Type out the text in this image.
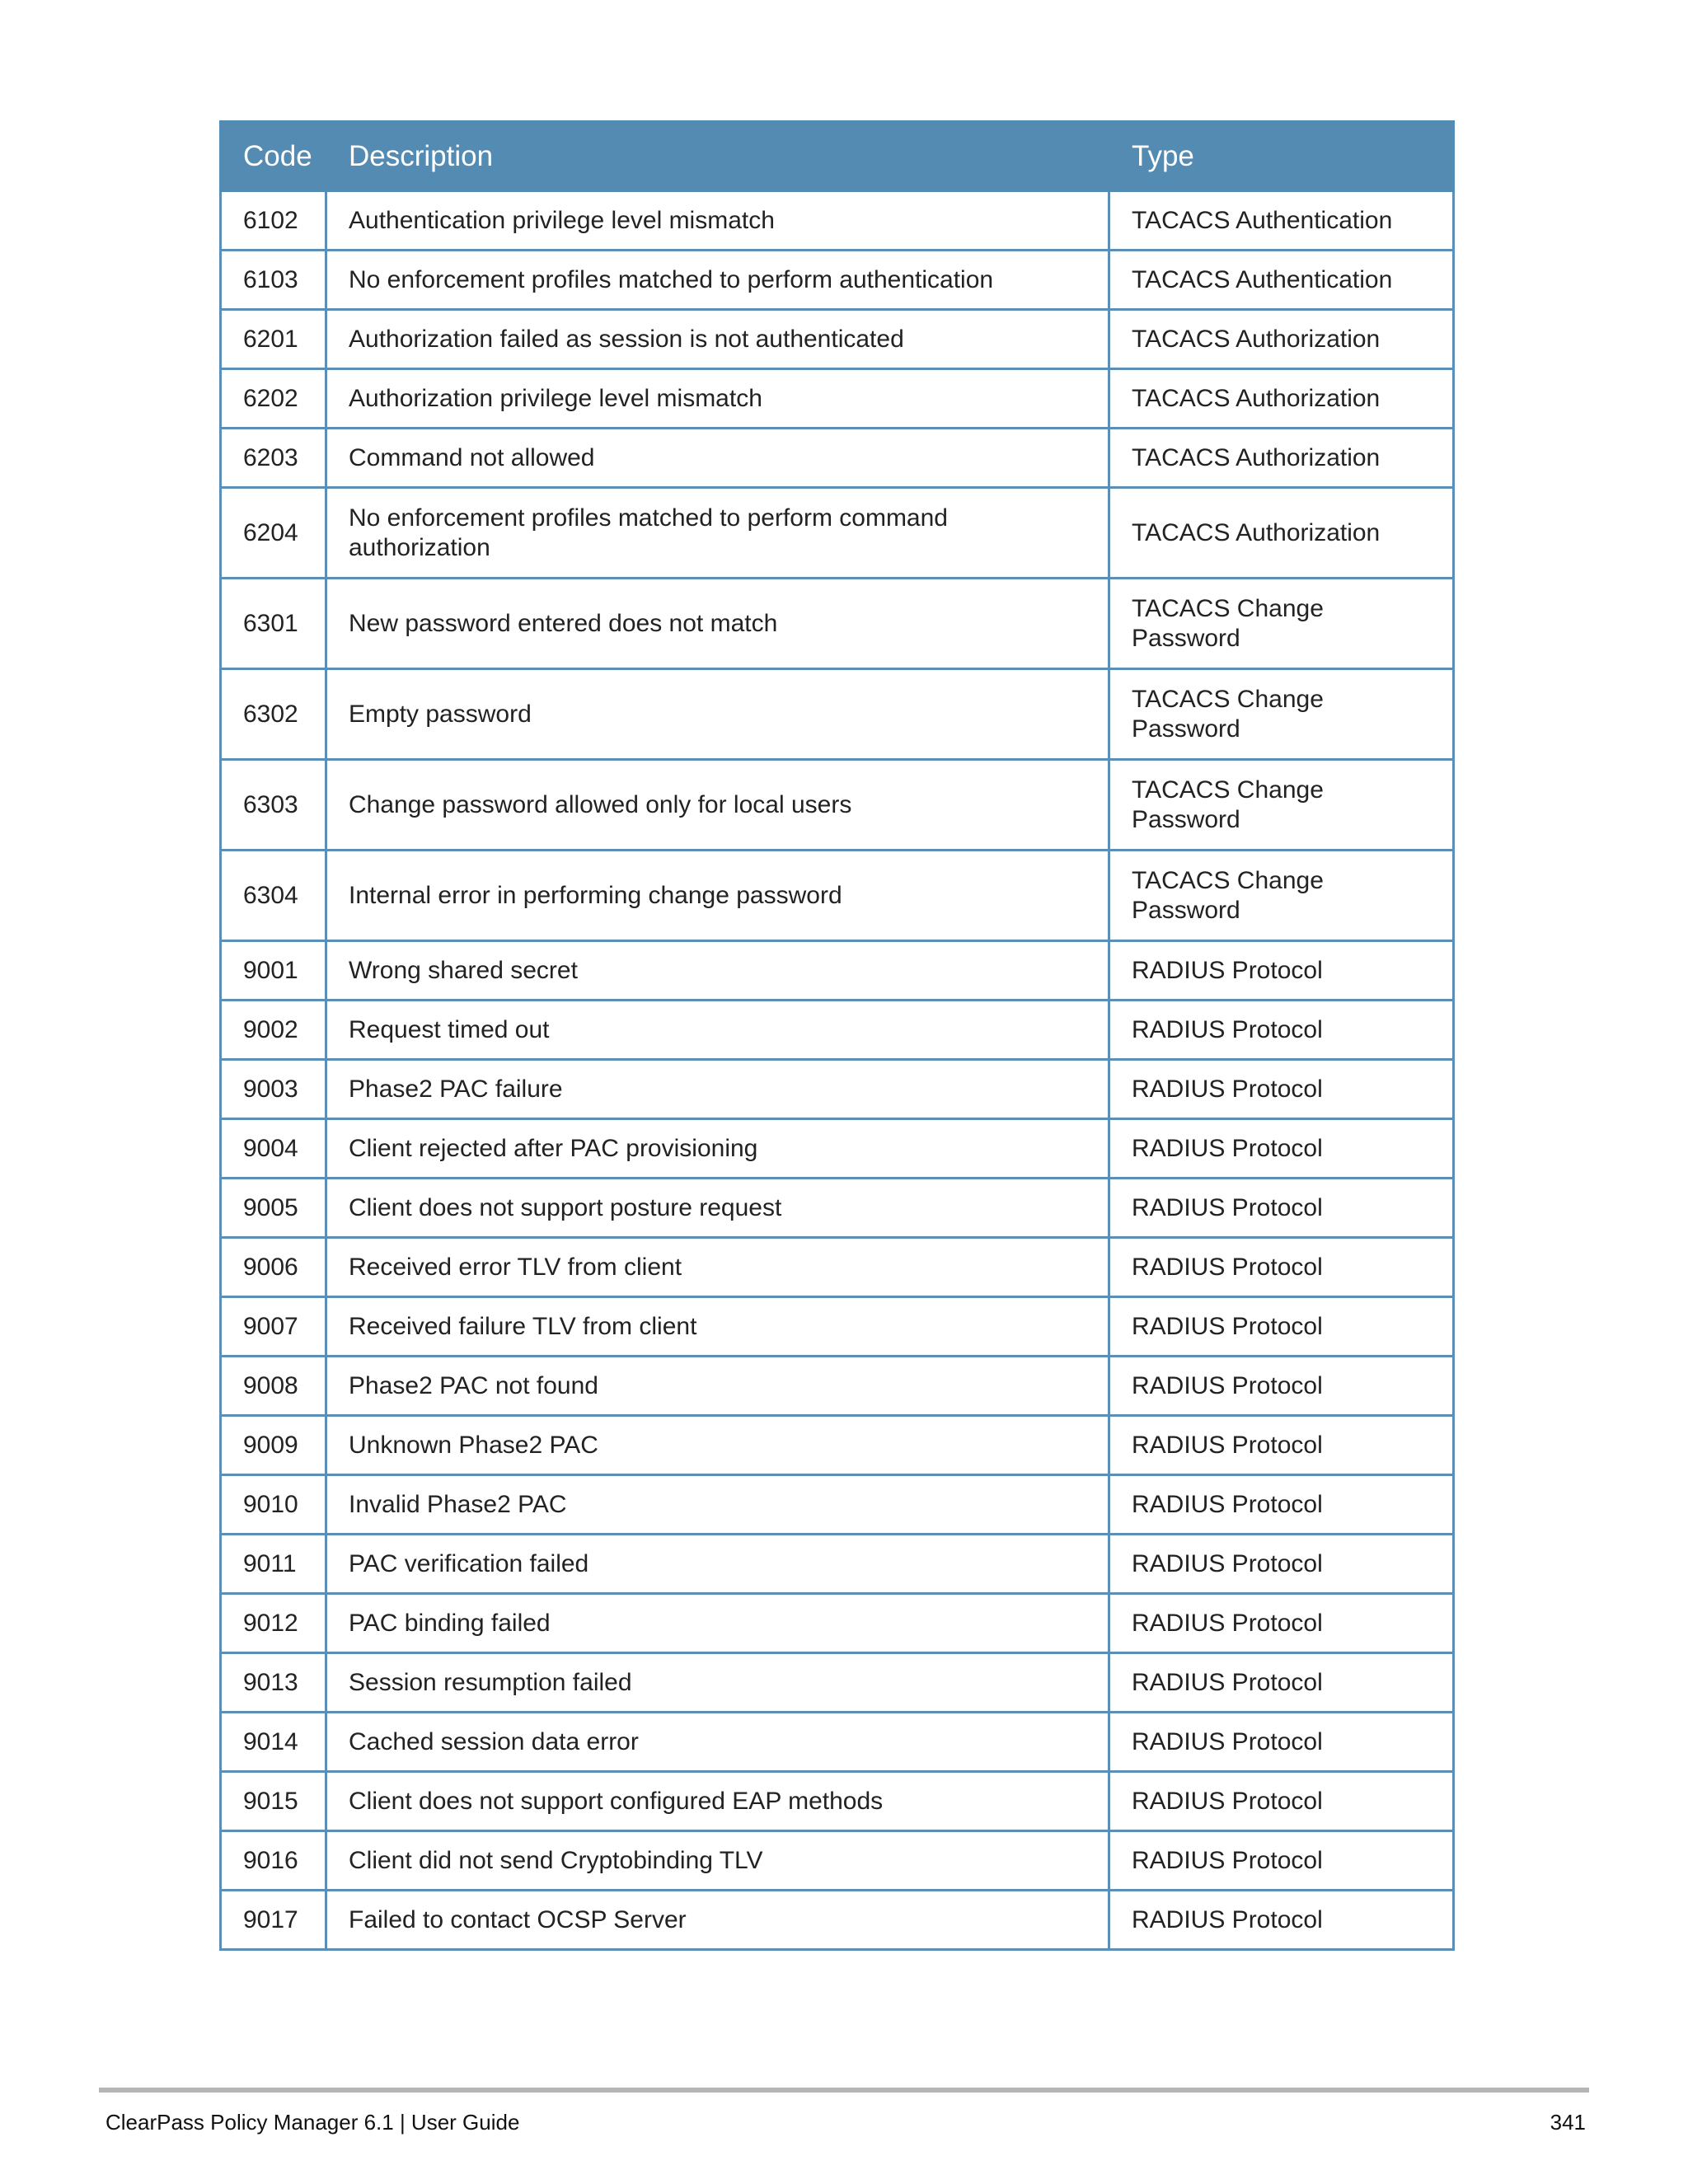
Code	Description	Type
6102	Authentication privilege level mismatch	TACACS Authentication
6103	No enforcement profiles matched to perform authentication	TACACS Authentication
6201	Authorization failed as session is not authenticated	TACACS Authorization
6202	Authorization privilege level mismatch	TACACS Authorization
6203	Command not allowed	TACACS Authorization
6204	No enforcement profiles matched to perform command authorization	TACACS Authorization
6301	New password entered does not match	TACACS Change Password
6302	Empty password	TACACS Change Password
6303	Change password allowed only for local users	TACACS Change Password
6304	Internal error in performing change password	TACACS Change Password
9001	Wrong shared secret	RADIUS Protocol
9002	Request timed out	RADIUS Protocol
9003	Phase2 PAC failure	RADIUS Protocol
9004	Client rejected after PAC provisioning	RADIUS Protocol
9005	Client does not support posture request	RADIUS Protocol
9006	Received error TLV from client	RADIUS Protocol
9007	Received failure TLV from client	RADIUS Protocol
9008	Phase2 PAC not found	RADIUS Protocol
9009	Unknown Phase2 PAC	RADIUS Protocol
9010	Invalid Phase2 PAC	RADIUS Protocol
9011	PAC verification failed	RADIUS Protocol
9012	PAC binding failed	RADIUS Protocol
9013	Session resumption failed	RADIUS Protocol
9014	Cached session data error	RADIUS Protocol
9015	Client does not support configured EAP methods	RADIUS Protocol
9016	Client did not send Cryptobinding TLV	RADIUS Protocol
9017	Failed to contact OCSP Server	RADIUS Protocol
ClearPass Policy Manager 6.1 | User Guide	341
